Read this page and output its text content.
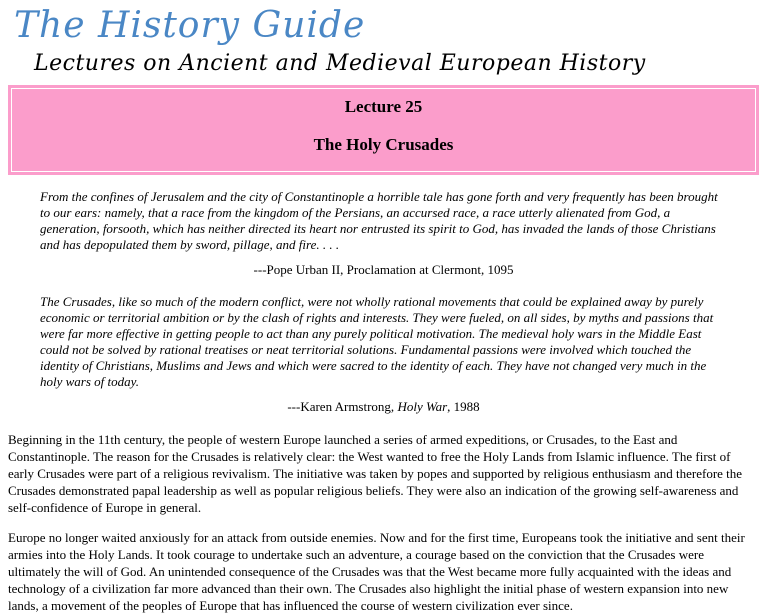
The History Guide
Lectures on Ancient and Medieval European History

Lecture 25

The Holy Crusades

From the confines of Jerusalem and the city of Constantinople a horrible tale has gone forth and very frequently has been brought to our ears: namely, that a race from the kingdom of the Persians, an accursed race, a race utterly alienated from God, a generation, forsooth, which has neither directed its heart nor entrusted its spirit to God, has invaded the lands of those Christians and has depopulated them by sword, pillage, and fire. . . .

---Pope Urban II, Proclamation at Clermont, 1095

The Crusades, like so much of the modern conflict, were not wholly rational movements that could be explained away by purely economic or territorial ambition or by the clash of rights and interests. They were fueled, on all sides, by myths and passions that were far more effective in getting people to act than any purely political motivation. The medieval holy wars in the Middle East could not be solved by rational treatises or neat territorial solutions. Fundamental passions were involved which touched the identity of Christians, Muslims and Jews and which were sacred to the identity of each. They have not changed very much in the holy wars of today.

---Karen Armstrong, Holy War, 1988

Beginning in the 11th century, the people of western Europe launched a series of armed expeditions, or Crusades, to the East and Constantinople. The reason for the Crusades is relatively clear: the West wanted to free the Holy Lands from Islamic influence. The first of early Crusades were part of a religious revivalism. The initiative was taken by popes and supported by religious enthusiasm and therefore the Crusades demonstrated papal leadership as well as popular religious beliefs. They were also an indication of the growing self-awareness and self-confidence of Europe in general.

Europe no longer waited anxiously for an attack from outside enemies. Now and for the first time, Europeans took the initiative and sent their armies into the Holy Lands. It took courage to undertake such an adventure, a courage based on the conviction that the Crusades were ultimately the will of God. An unintended consequence of the Crusades was that the West became more fully acquainted with the ideas and technology of a civilization far more advanced than their own. The Crusades also highlight the initial phase of western expansion into new lands, a movement of the peoples of Europe that has influenced the course of western civilization ever since.
